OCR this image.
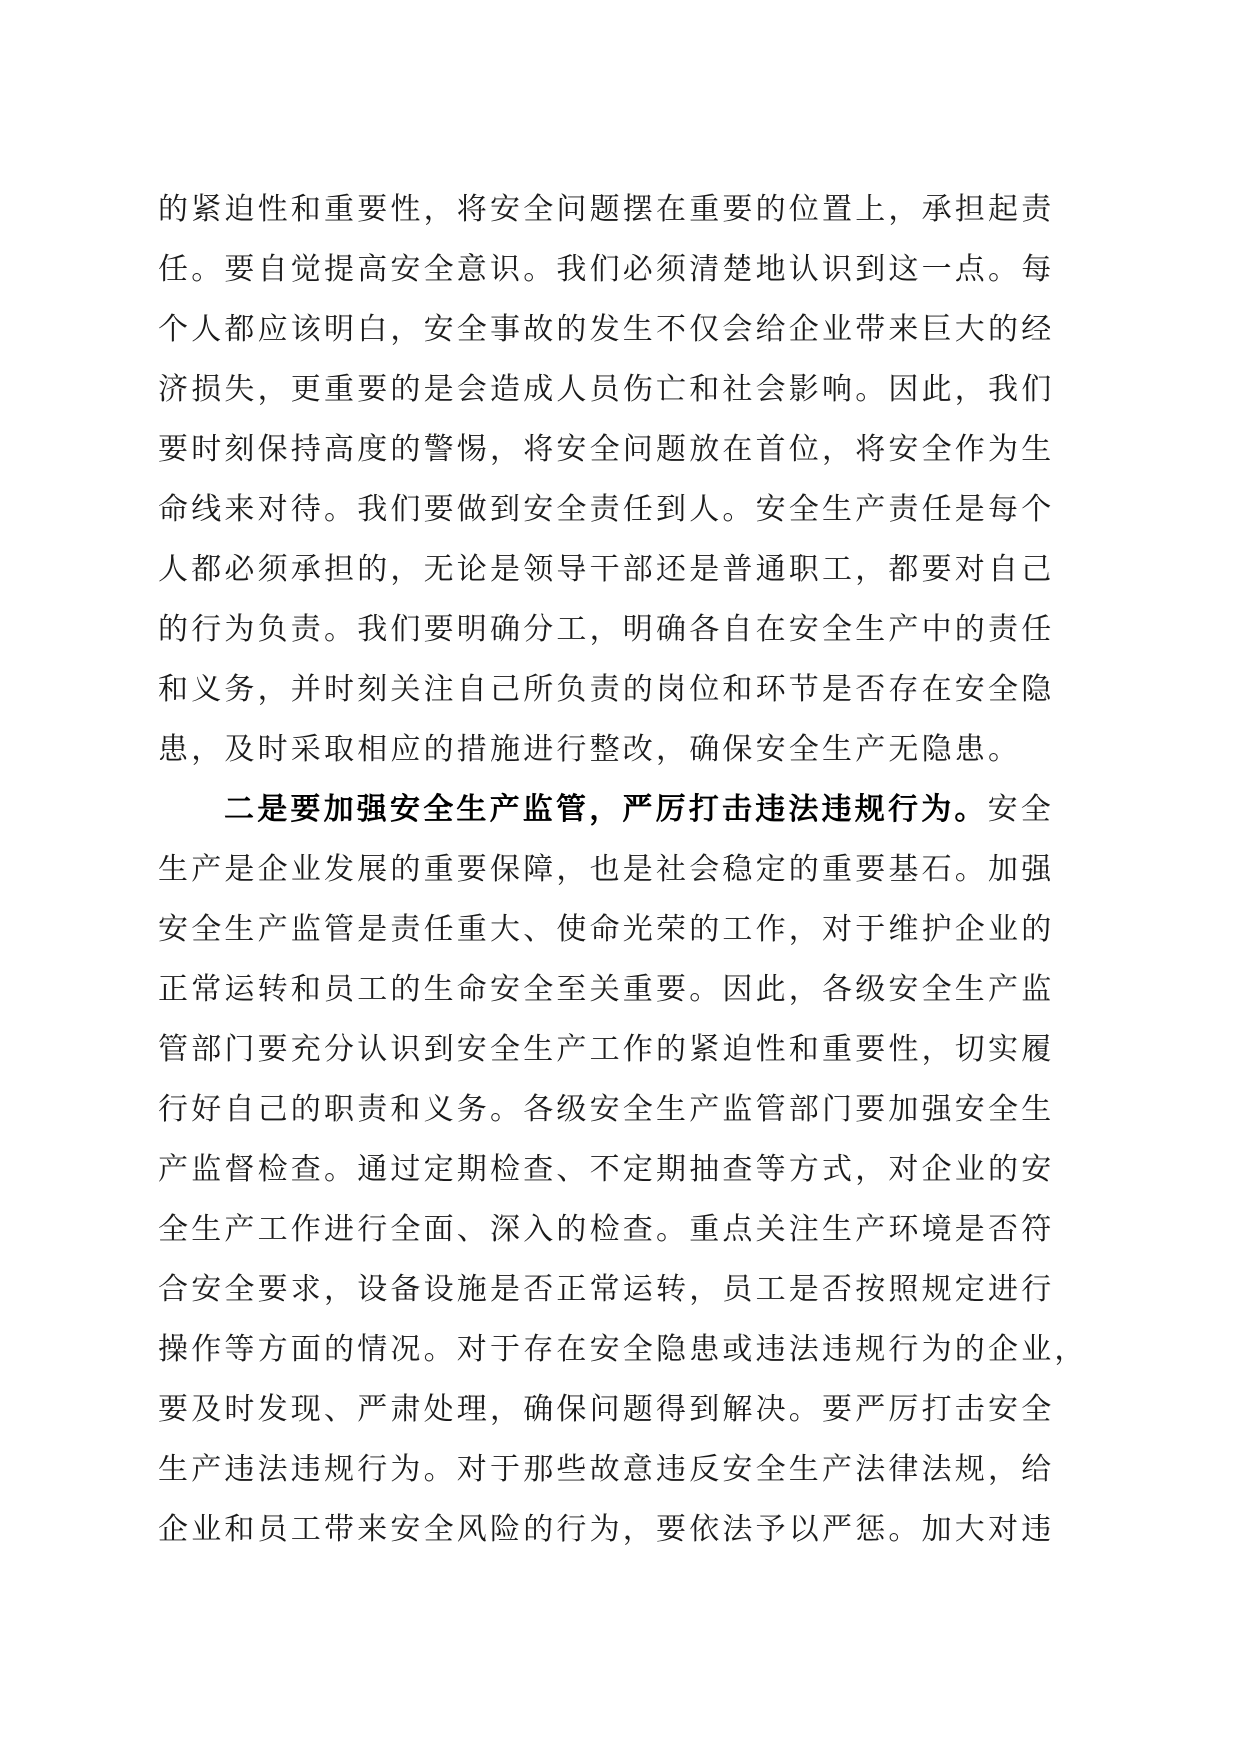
的紧迫性和重要性，将安全问题摆在重要的位置上，承担起责
任。要自觉提高安全意识。我们必须清楚地认识到这一点。每
个人都应该明白，安全事故的发生不仅会给企业带来巨大的经
济损失，更重要的是会造成人员伤亡和社会影响。因此，我们
要时刻保持高度的警惕，将安全问题放在首位，将安全作为生
命线来对待。我们要做到安全责任到人。安全生产责任是每个
人都必须承担的，无论是领导干部还是普通职工，都要对自己
的行为负责。我们要明确分工，明确各自在安全生产中的责任
和义务，并时刻关注自己所负责的岗位和环节是否存在安全隐
患，及时采取相应的措施进行整改，确保安全生产无隐患。
二是要加强安全生产监管，严厉打击违法违规行为。安全
生产是企业发展的重要保障，也是社会稳定的重要基石。加强
安全生产监管是责任重大、使命光荣的工作，对于维护企业的
正常运转和员工的生命安全至关重要。因此，各级安全生产监
管部门要充分认识到安全生产工作的紧迫性和重要性，切实履
行好自己的职责和义务。各级安全生产监管部门要加强安全生
产监督检查。通过定期检查、不定期抽查等方式，对企业的安
全生产工作进行全面、深入的检查。重点关注生产环境是否符
合安全要求，设备设施是否正常运转，员工是否按照规定进行
操作等方面的情况。对于存在安全隐患或违法违规行为的企业，
要及时发现、严肃处理，确保问题得到解决。要严厉打击安全
生产违法违规行为。对于那些故意违反安全生产法律法规，给
企业和员工带来安全风险的行为，要依法予以严惩。加大对违
